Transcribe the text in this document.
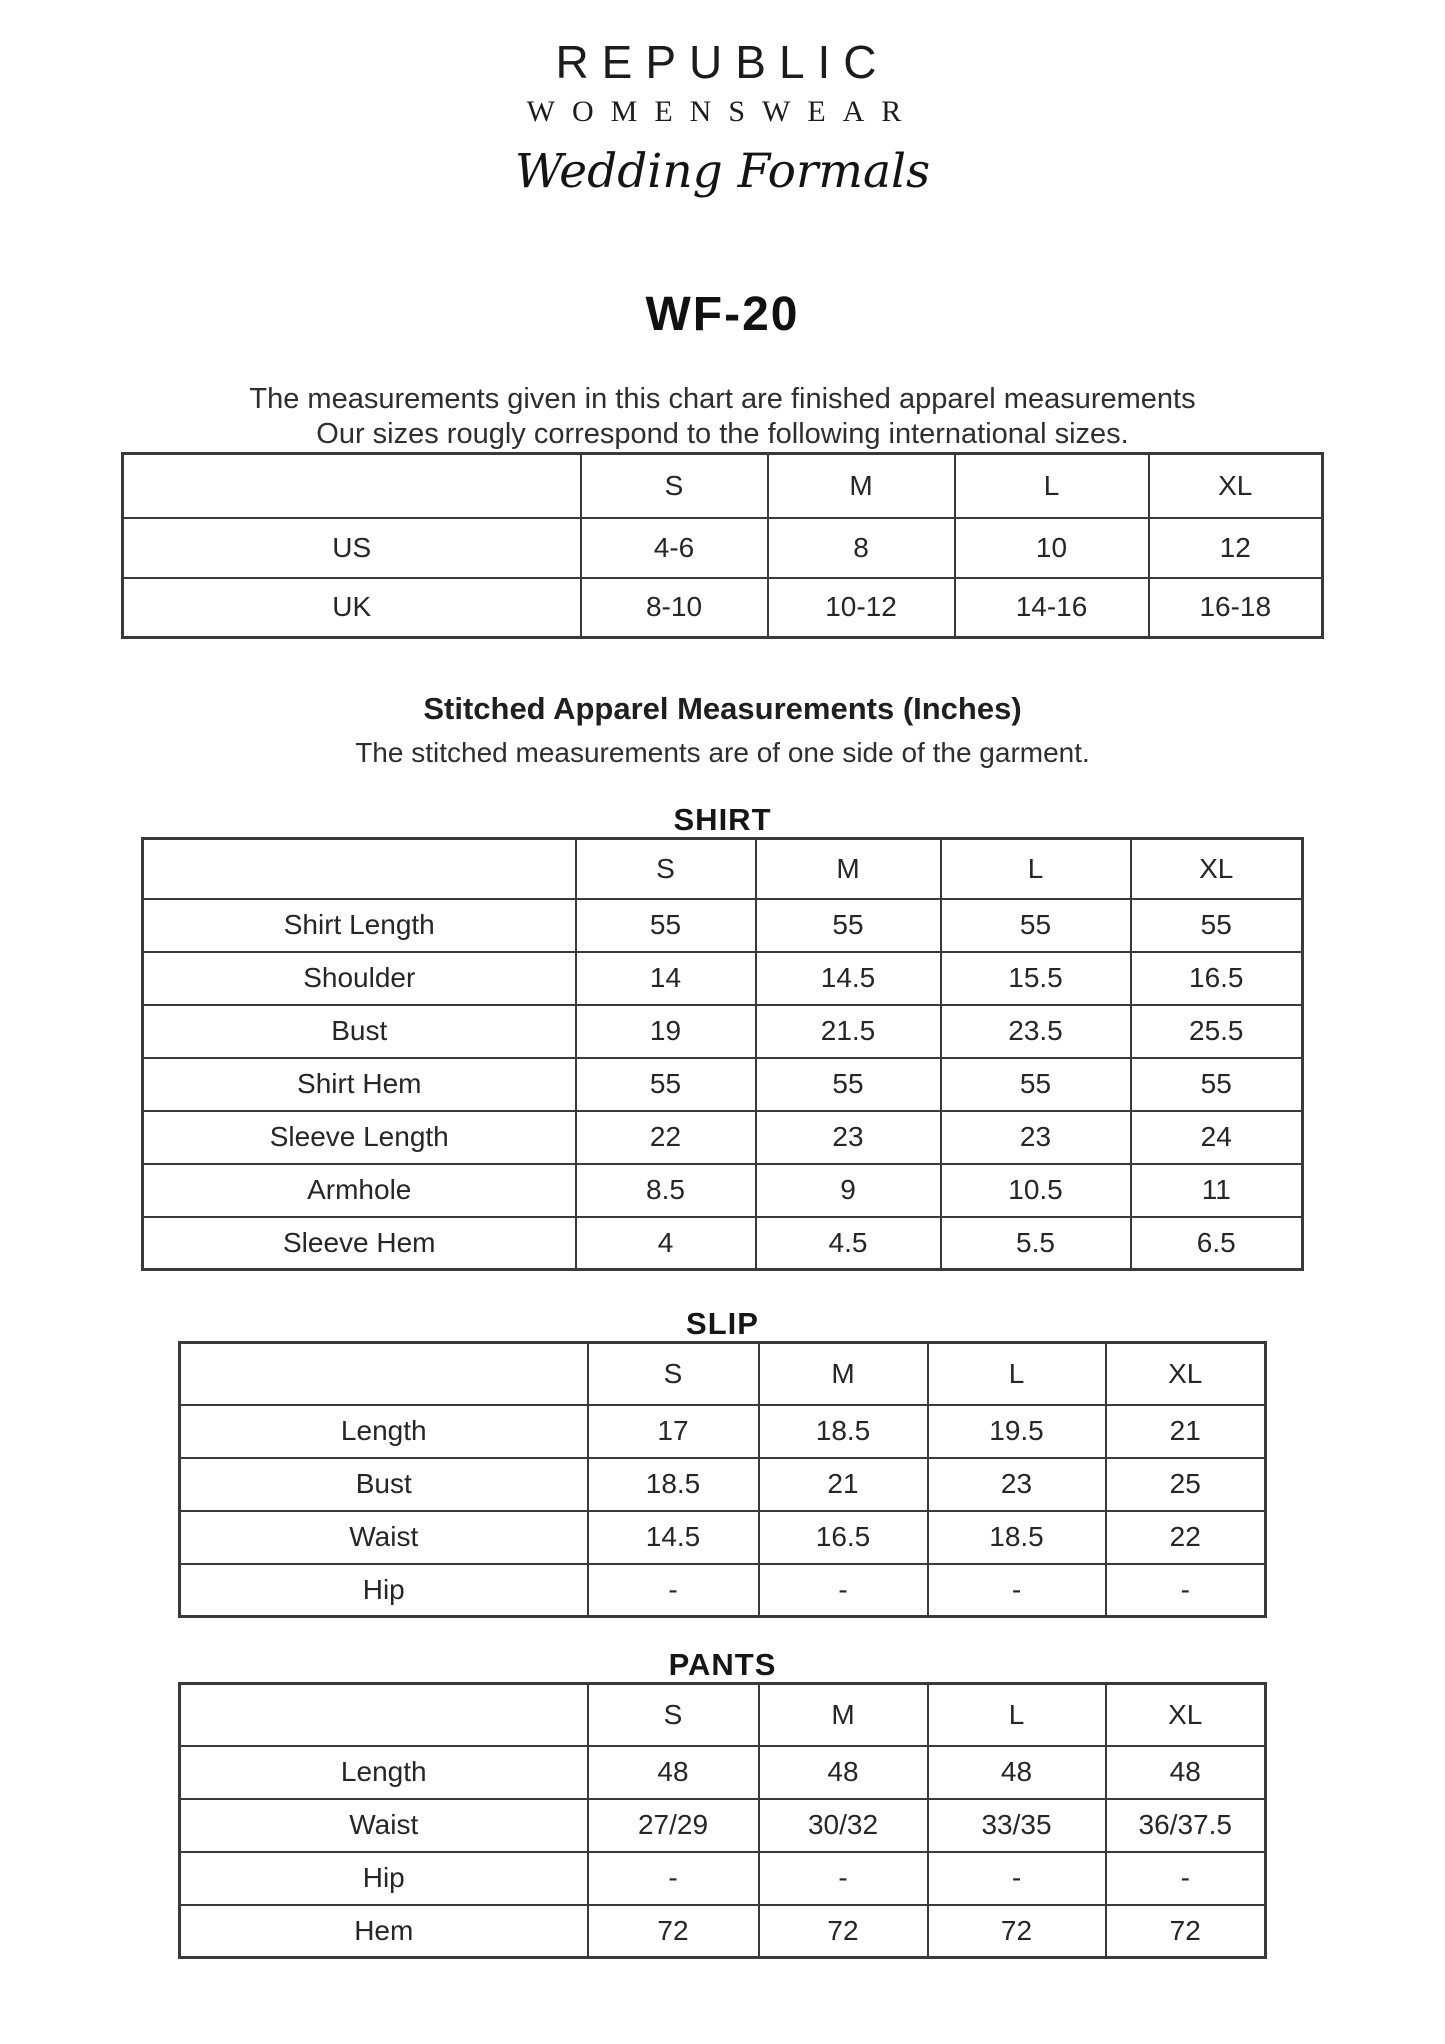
REPUBLIC
WOMENSWEAR
Wedding Formals
WF-20
The measurements given in this chart are finished apparel measurements
Our sizes rougly correspond to the following international sizes.
	S	M	L	XL
US	4-6	8	10	12
UK	8-10	10-12	14-16	16-18
Stitched Apparel Measurements (Inches)
The stitched measurements are of one side of the garment.
SHIRT
	S	M	L	XL
Shirt Length	55	55	55	55
Shoulder	14	14.5	15.5	16.5
Bust	19	21.5	23.5	25.5
Shirt Hem	55	55	55	55
Sleeve Length	22	23	23	24
Armhole	8.5	9	10.5	11
Sleeve Hem	4	4.5	5.5	6.5
SLIP
	S	M	L	XL
Length	17	18.5	19.5	21
Bust	18.5	21	23	25
Waist	14.5	16.5	18.5	22
Hip	-	-	-	-
PANTS
	S	M	L	XL
Length	48	48	48	48
Waist	27/29	30/32	33/35	36/37.5
Hip	-	-	-	-
Hem	72	72	72	72
